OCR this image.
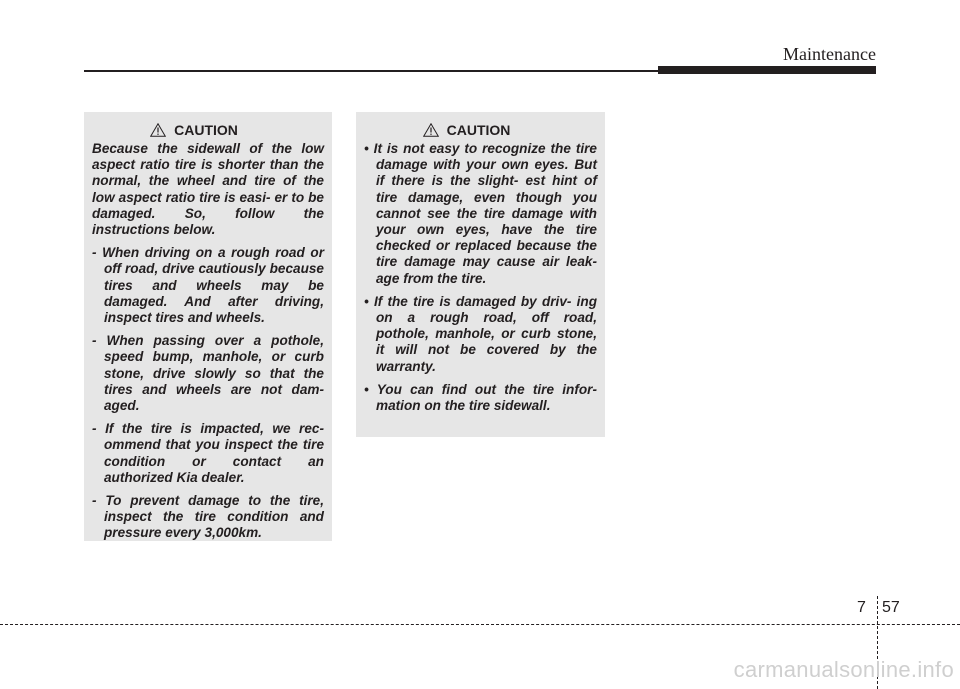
Maintenance
CAUTION

Because the sidewall of the low aspect ratio tire is shorter than the normal, the wheel and tire of the low aspect ratio tire is easi- er to be damaged. So, follow the instructions below.

- When driving on a rough road or off road, drive cautiously because tires and wheels may be damaged. And after driving, inspect tires and wheels.

- When passing over a pothole, speed bump, manhole, or curb stone, drive slowly so that the tires and wheels are not dam- aged.

- If the tire is impacted, we rec- ommend that you inspect the tire condition or contact an authorized Kia dealer.

- To prevent damage to the tire, inspect the tire condition and pressure every 3,000km.

CAUTION

• It is not easy to recognize the tire damage with your own eyes. But if there is the slight- est hint of tire damage, even though you cannot see the tire damage with your own eyes, have the tire checked or replaced because the tire damage may cause air leak- age from the tire.

• If the tire is damaged by driv- ing on a rough road, off road, pothole, manhole, or curb stone, it will not be covered by the warranty.

• You can find out the tire infor- mation on the tire sidewall.

7 57
carmanualsonline.info
